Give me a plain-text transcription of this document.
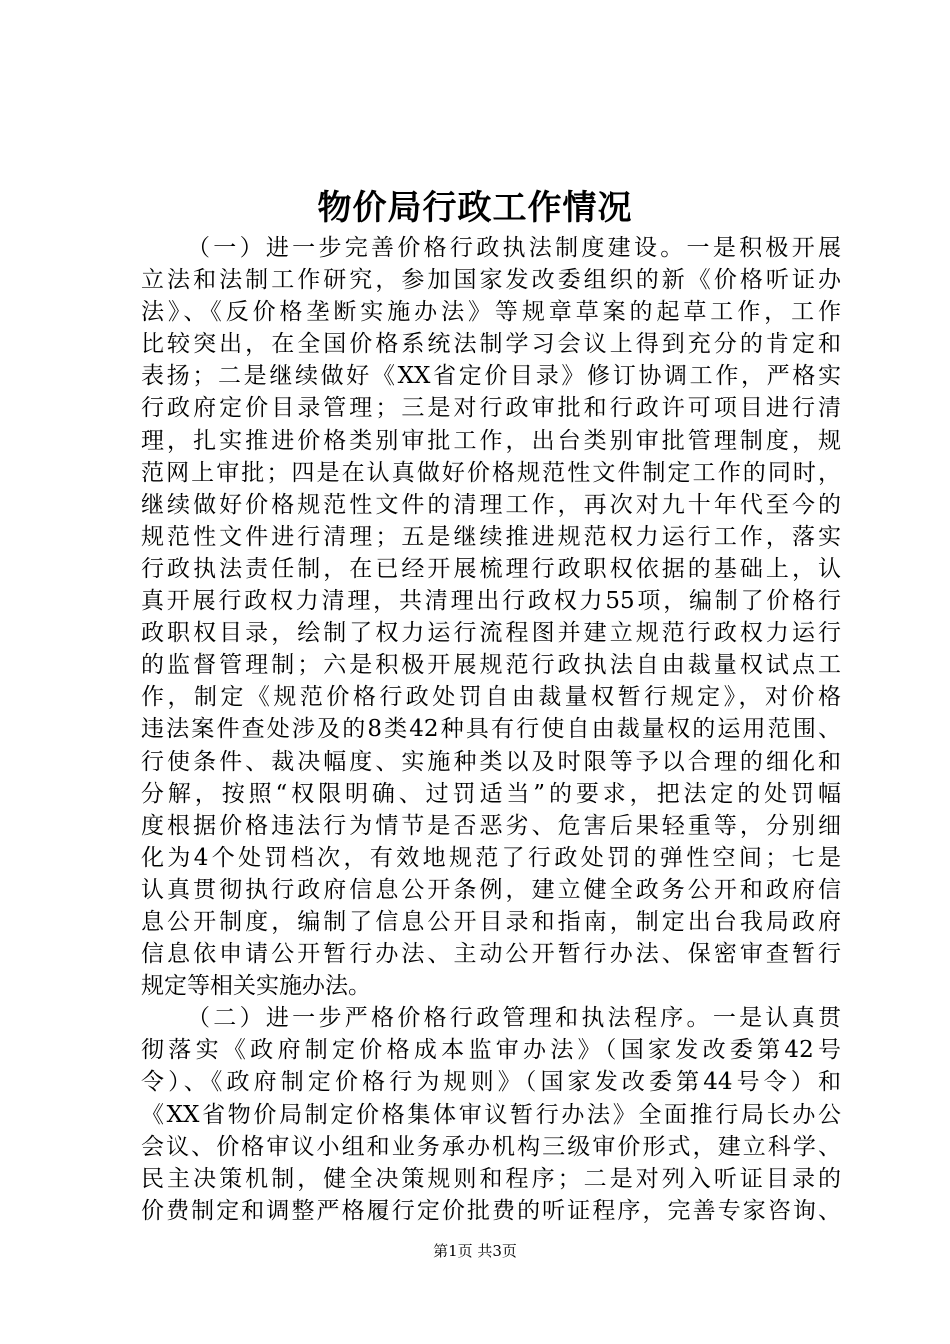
物价局行政工作情况
（一）进一步完善价格行政执法制度建设。一是积极开展
立法和法制工作研究，参加国家发改委组织的新《价格听证办
法》、《反价格垄断实施办法》等规章草案的起草工作，工作
比较突出，在全国价格系统法制学习会议上得到充分的肯定和
表扬；二是继续做好《XX省定价目录》修订协调工作，严格实
行政府定价目录管理；三是对行政审批和行政许可项目进行清
理，扎实推进价格类别审批工作，出台类别审批管理制度，规
范网上审批；四是在认真做好价格规范性文件制定工作的同时，
继续做好价格规范性文件的清理工作，再次对九十年代至今的
规范性文件进行清理；五是继续推进规范权力运行工作，落实
行政执法责任制，在已经开展梳理行政职权依据的基础上，认
真开展行政权力清理，共清理出行政权力55项，编制了价格行
政职权目录，绘制了权力运行流程图并建立规范行政权力运行
的监督管理制；六是积极开展规范行政执法自由裁量权试点工
作，制定《规范价格行政处罚自由裁量权暂行规定》，对价格
违法案件查处涉及的8类42种具有行使自由裁量权的运用范围、
行使条件、裁决幅度、实施种类以及时限等予以合理的细化和
分解，按照“权限明确、过罚适当”的要求，把法定的处罚幅
度根据价格违法行为情节是否恶劣、危害后果轻重等，分别细
化为4个处罚档次，有效地规范了行政处罚的弹性空间；七是
认真贯彻执行政府信息公开条例，建立健全政务公开和政府信
息公开制度，编制了信息公开目录和指南，制定出台我局政府
信息依申请公开暂行办法、主动公开暂行办法、保密审查暂行
规定等相关实施办法。
（二）进一步严格价格行政管理和执法程序。一是认真贯
彻落实《政府制定价格成本监审办法》（国家发改委第42号
令）、《政府制定价格行为规则》（国家发改委第44号令）和
《XX省物价局制定价格集体审议暂行办法》全面推行局长办公
会议、价格审议小组和业务承办机构三级审价形式，建立科学、
民主决策机制，健全决策规则和程序；二是对列入听证目录的
价费制定和调整严格履行定价批费的听证程序，完善专家咨询、
第1页 共3页
